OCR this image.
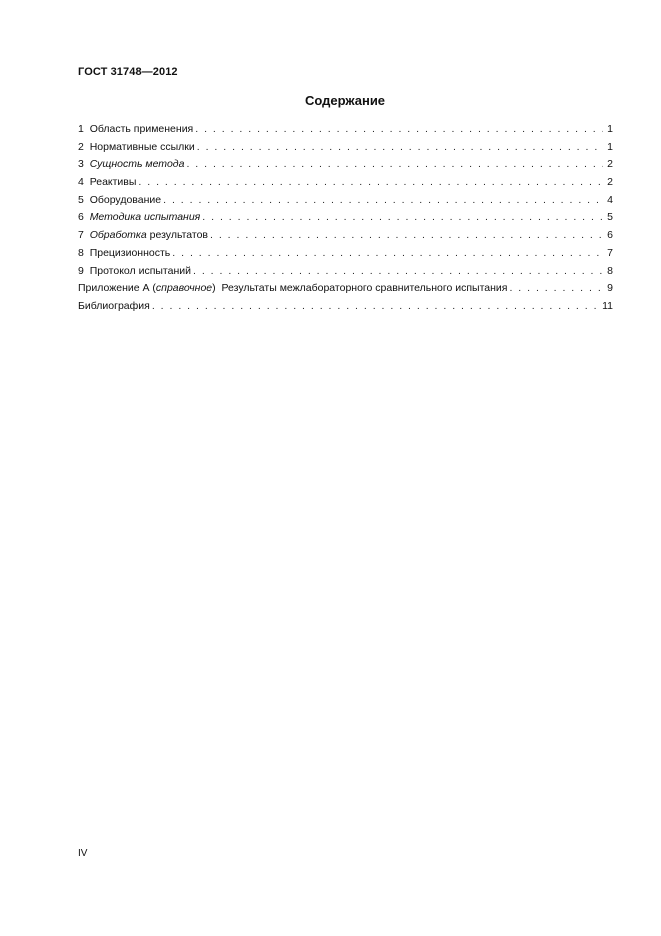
ГОСТ 31748—2012
Содержание
1 Область применения . . .	1
2 Нормативные ссылки . . .	1
3 Сущность метода . . .	2
4 Реактивы . . .	2
5 Оборудование . . .	4
6 Методика испытания . . .	5
7 Обработка результатов . . .	6
8 Прецизионность . . .	7
9 Протокол испытаний . . .	8
Приложение А (справочное)  Результаты межлабораторного сравнительного испытания . . .	9
Библиография . . .	11
IV
